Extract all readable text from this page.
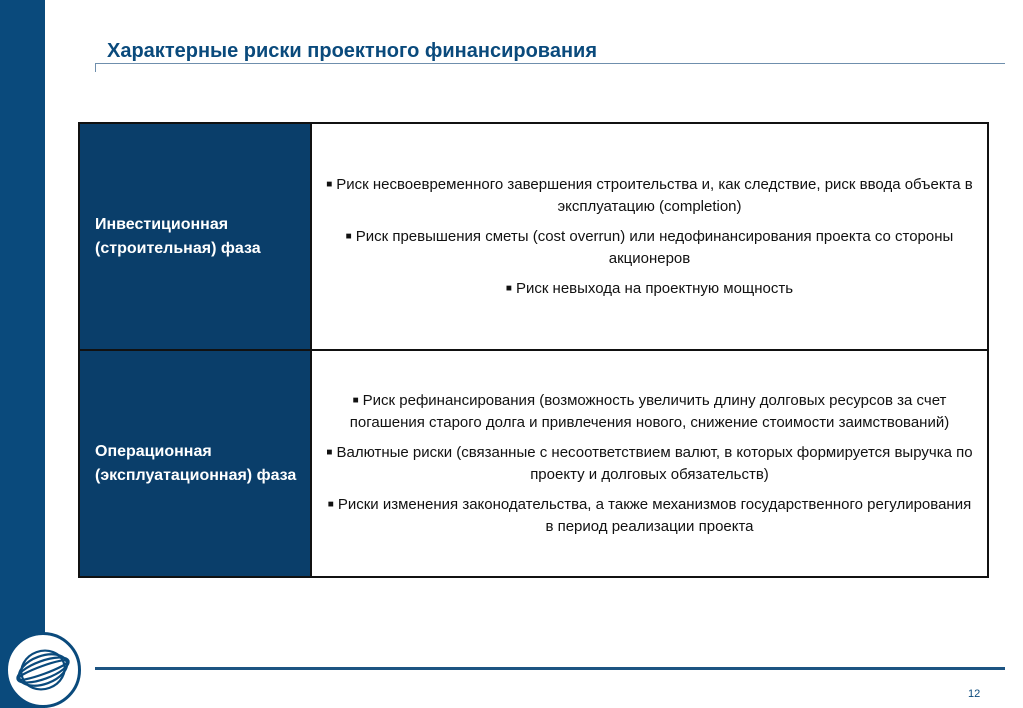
Характерные риски проектного финансирования
Инвестиционная (строительная) фаза
■ Риск несвоевременного завершения строительства и, как следствие, риск ввода объекта в эксплуатацию (completion)
■ Риск превышения сметы (cost overrun) или недофинансирования проекта со стороны акционеров
■ Риск невыхода на проектную мощность
Операционная (эксплуатационная) фаза
■ Риск рефинансирования (возможность увеличить длину долговых ресурсов за счет погашения старого долга и привлечения нового, снижение стоимости заимствований)
■ Валютные риски (связанные с несоответствием валют, в которых формируется выручка по проекту и долговых обязательств)
■ Риски изменения законодательства, а также механизмов государственного регулирования в период реализации проекта
12
